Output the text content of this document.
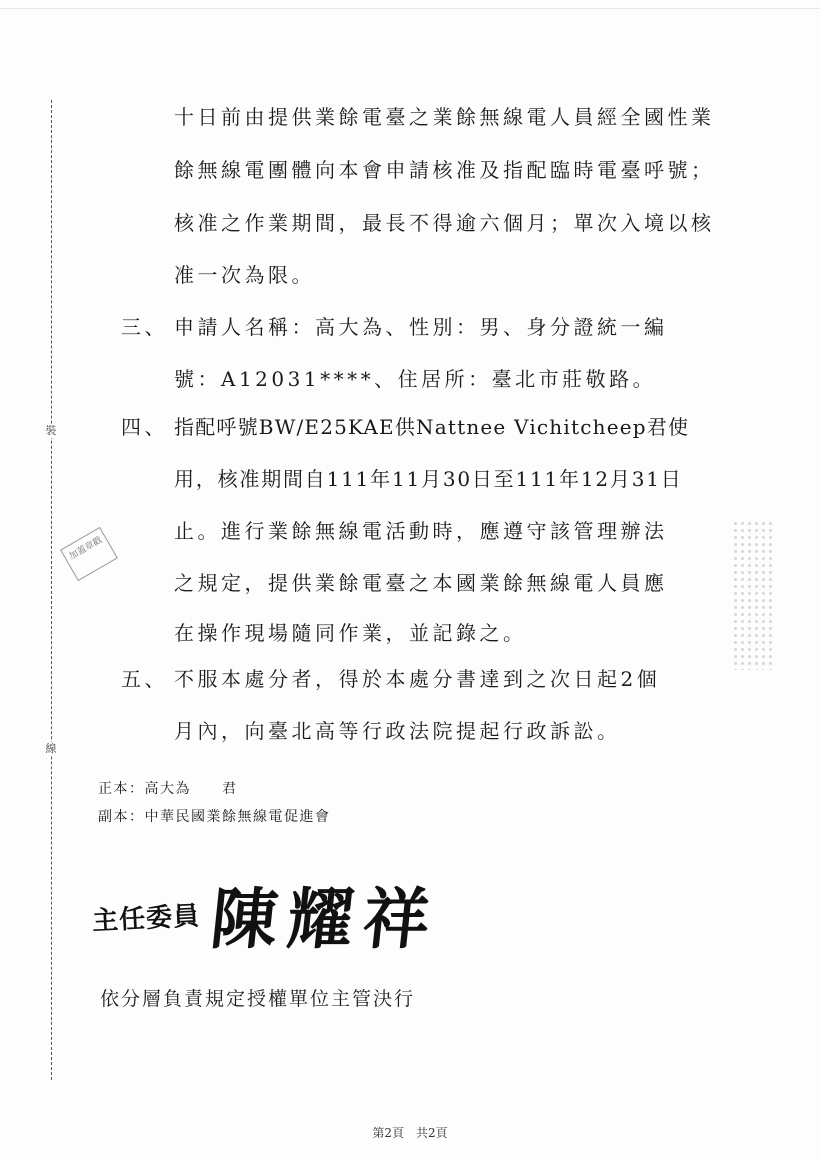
裝
線
加蓋章戳
十日前由提供業餘電臺之業餘無線電人員經全國性業
餘無線電團體向本會申請核准及指配臨時電臺呼號；
核准之作業期間，最長不得逾六個月；單次入境以核
准一次為限。
三、 申請人名稱：高大為、性別：男、身分證統一編
號：A12031****、住居所：臺北市莊敬路。
四、 指配呼號BW/E25KAE供Nattnee Vichitcheep君使
用，核准期間自111年11月30日至111年12月31日
止。進行業餘無線電活動時，應遵守該管理辦法
之規定，提供業餘電臺之本國業餘無線電人員應
在操作現場隨同作業，並記錄之。
五、 不服本處分者，得於本處分書達到之次日起2個
月內，向臺北高等行政法院提起行政訴訟。
正本：高大為　　君
副本：中華民國業餘無線電促進會
主任委員 陳耀祥
依分層負責規定授權單位主管決行
第2頁　共2頁
